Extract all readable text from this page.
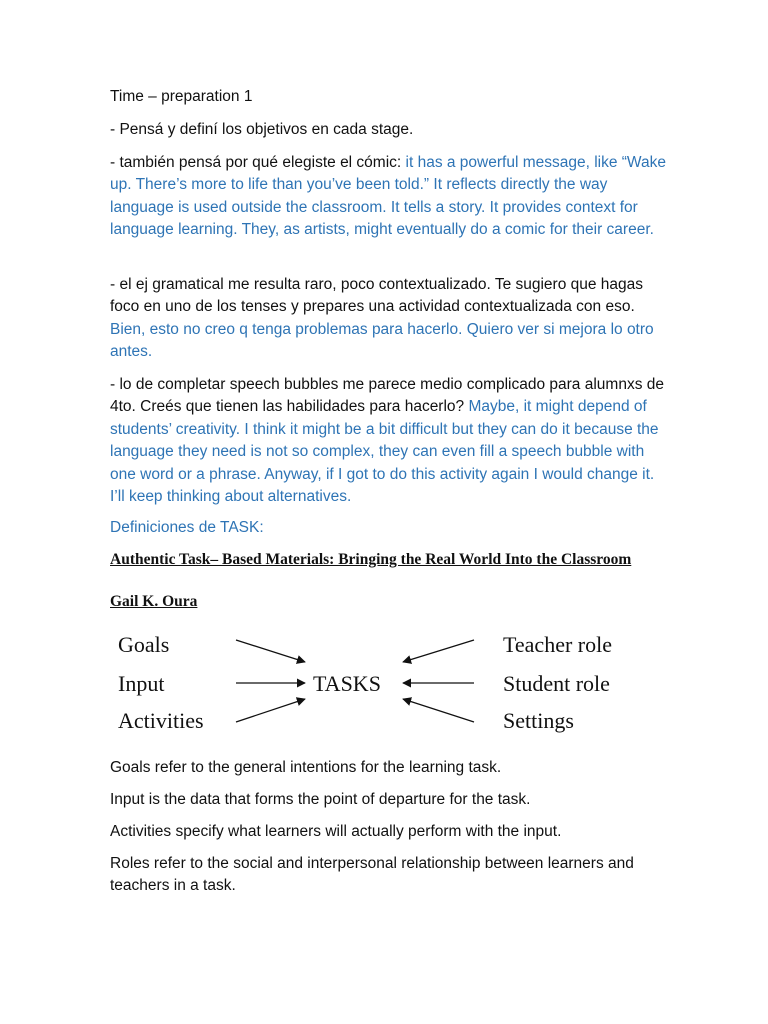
Time – preparation 1

- Pensá y definí los objetivos en cada stage.

- también pensá por qué elegiste el cómic: it has a powerful message, like “Wake up. There’s more to life than you’ve been told.” It reflects directly the way language is used outside the classroom. It tells a story. It provides context for language learning. They, as artists, might eventually do a comic for their career.

- el ej gramatical me resulta raro, poco contextualizado. Te sugiero que hagas foco en uno de los tenses y prepares una actividad contextualizada con eso. Bien, esto no creo q tenga problemas para hacerlo. Quiero ver si mejora lo otro antes.

- lo de completar speech bubbles me parece medio complicado para alumnxs de 4to. Creés que tienen las habilidades para hacerlo? Maybe, it might depend of students’ creativity. I think it might be a bit difficult but they can do it because the language they need is not so complex, they can even fill a speech bubble with one word or a phrase. Anyway, if I got to do this activity again I would change it. I’ll keep thinking about alternatives.

Definiciones de TASK:

Authentic Task– Based Materials: Bringing the Real World Into the Classroom

Gail K. Oura

Goals
Input
Activities
TASKS
Teacher role
Student role
Settings

Goals refer to the general intentions for the learning task.

Input is the data that forms the point of departure for the task.

Activities specify what learners will actually perform with the input.

Roles refer to the social and interpersonal relationship between learners and teachers in a task.
